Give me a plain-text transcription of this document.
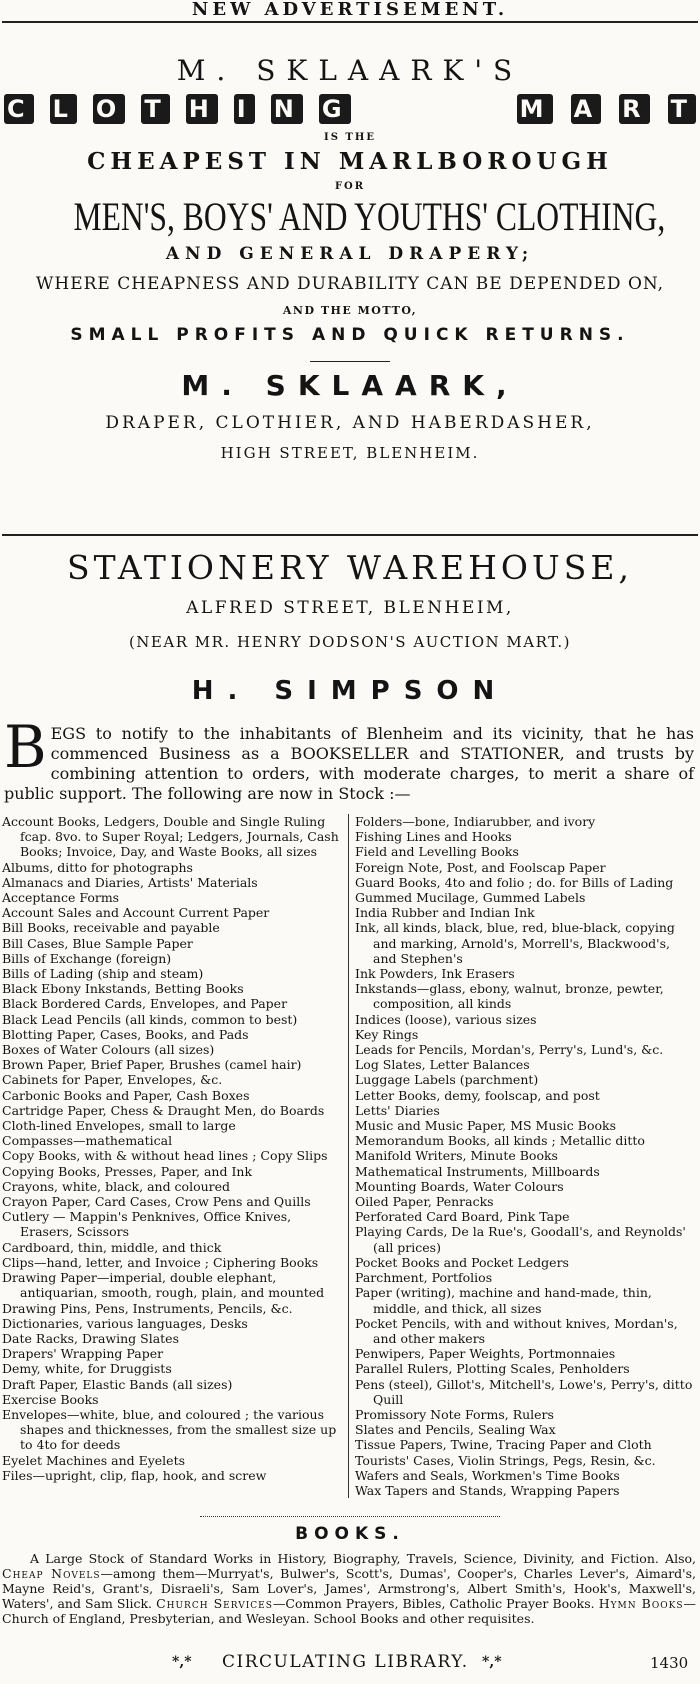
NEW ADVERTISEMENT.
M. SKLAARK'S
C L O T H I N G	M A R T
IS THE
CHEAPEST IN MARLBOROUGH
FOR
MEN'S, BOYS' AND YOUTHS' CLOTHING,
AND GENERAL DRAPERY;
WHERE CHEAPNESS AND DURABILITY CAN BE DEPENDED ON,
AND THE MOTTO,
SMALL PROFITS AND QUICK RETURNS.
M. SKLAARK,
DRAPER, CLOTHIER, AND HABERDASHER,
HIGH STREET, BLENHEIM.
STATIONERY WAREHOUSE,
ALFRED STREET, BLENHEIM,
(NEAR MR. HENRY DODSON'S AUCTION MART.)
H. SIMPSON
BEGS to notify to the inhabitants of Blenheim and its vicinity, that he has commenced Business as a BOOKSELLER and STATIONER, and trusts by combining attention to orders, with moderate charges, to merit a share of public support. The following are now in Stock :—
Account Books, Ledgers, Double and Single Ruling fcap. 8vo. to Super Royal; Ledgers, Journals, Cash Books; Invoice, Day, and Waste Books, all sizes
Albums, ditto for photographs
Almanacs and Diaries, Artists' Materials
Acceptance Forms
Account Sales and Account Current Paper
Bill Books, receivable and payable
Bill Cases, Blue Sample Paper
Bills of Exchange (foreign)
Bills of Lading (ship and steam)
Black Ebony Inkstands, Betting Books
Black Bordered Cards, Envelopes, and Paper
Black Lead Pencils (all kinds, common to best)
Blotting Paper, Cases, Books, and Pads
Boxes of Water Colours (all sizes)
Brown Paper, Brief Paper, Brushes (camel hair)
Cabinets for Paper, Envelopes, &c.
Carbonic Books and Paper, Cash Boxes
Cartridge Paper, Chess & Draught Men, do Boards
Cloth-lined Envelopes, small to large
Compasses—mathematical
Copy Books, with & without head lines ; Copy Slips
Copying Books, Presses, Paper, and Ink
Crayons, white, black, and coloured
Crayon Paper, Card Cases, Crow Pens and Quills
Cutlery — Mappin's Penknives, Office Knives, Erasers, Scissors
Cardboard, thin, middle, and thick
Clips—hand, letter, and Invoice ; Ciphering Books
Drawing Paper—imperial, double elephant, antiquarian, smooth, rough, plain, and mounted
Drawing Pins, Pens, Instruments, Pencils, &c.
Dictionaries, various languages, Desks
Date Racks, Drawing Slates
Drapers' Wrapping Paper
Demy, white, for Druggists
Draft Paper, Elastic Bands (all sizes)
Exercise Books
Envelopes—white, blue, and coloured ; the various shapes and thicknesses, from the smallest size up to 4to for deeds
Eyelet Machines and Eyelets
Files—upright, clip, flap, hook, and screw
Folders—bone, Indiarubber, and ivory
Fishing Lines and Hooks
Field and Levelling Books
Foreign Note, Post, and Foolscap Paper
Guard Books, 4to and folio ; do. for Bills of Lading
Gummed Mucilage, Gummed Labels
India Rubber and Indian Ink
Ink, all kinds, black, blue, red, blue-black, copying and marking, Arnold's, Morrell's, Blackwood's, and Stephen's
Ink Powders, Ink Erasers
Inkstands—glass, ebony, walnut, bronze, pewter, composition, all kinds
Indices (loose), various sizes
Key Rings
Leads for Pencils, Mordan's, Perry's, Lund's, &c.
Log Slates, Letter Balances
Luggage Labels (parchment)
Letter Books, demy, foolscap, and post
Letts' Diaries
Music and Music Paper, MS Music Books
Memorandum Books, all kinds ; Metallic ditto
Manifold Writers, Minute Books
Mathematical Instruments, Millboards
Mounting Boards, Water Colours
Oiled Paper, Penracks
Perforated Card Board, Pink Tape
Playing Cards, De la Rue's, Goodall's, and Reynolds' (all prices)
Pocket Books and Pocket Ledgers
Parchment, Portfolios
Paper (writing), machine and hand-made, thin, middle, and thick, all sizes
Pocket Pencils, with and without knives, Mordan's, and other makers
Penwipers, Paper Weights, Portmonnaies
Parallel Rulers, Plotting Scales, Penholders
Pens (steel), Gillot's, Mitchell's, Lowe's, Perry's, ditto Quill
Promissory Note Forms, Rulers
Slates and Pencils, Sealing Wax
Tissue Papers, Twine, Tracing Paper and Cloth
Tourists' Cases, Violin Strings, Pegs, Resin, &c.
Wafers and Seals, Workmen's Time Books
Wax Tapers and Stands, Wrapping Papers
BOOKS.
A Large Stock of Standard Works in History, Biography, Travels, Science, Divinity, and Fiction. Also, Cheap Novels—among them—Murryat's, Bulwer's, Scott's, Dumas', Cooper's, Charles Lever's, Aimard's, Mayne Reid's, Grant's, Disraeli's, Sam Lover's, James', Armstrong's, Albert Smith's, Hook's, Maxwell's, Waters', and Sam Slick. Church Services—Common Prayers, Bibles, Catholic Prayer Books. Hymn Books—Church of England, Presbyterian, and Wesleyan. School Books and other requisites.
*,* CIRCULATING LIBRARY. *,*	1430
